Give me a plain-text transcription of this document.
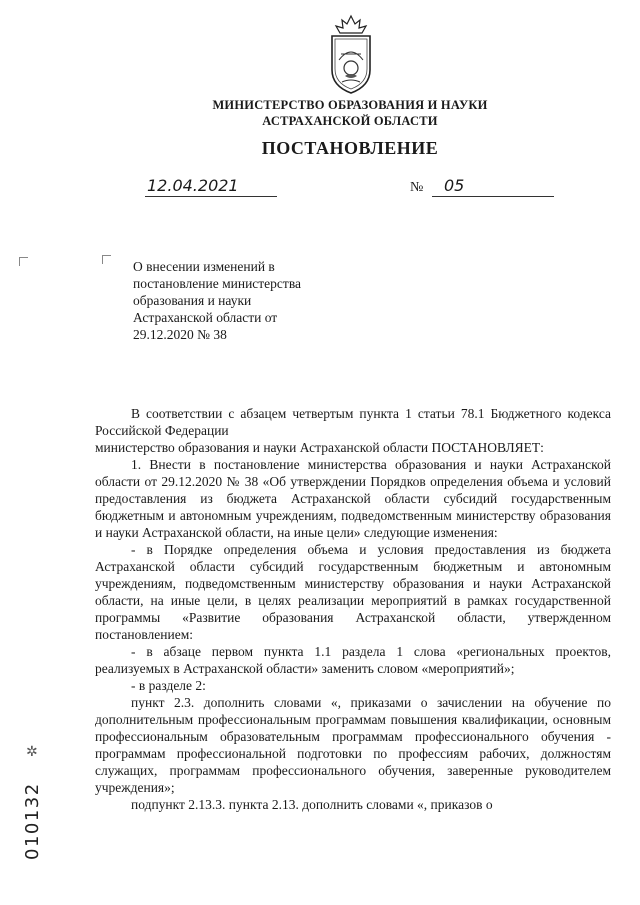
МИНИСТЕРСТВО ОБРАЗОВАНИЯ И НАУКИ
АСТРАХАНСКОЙ ОБЛАСТИ
ПОСТАНОВЛЕНИЕ
12.04.2021	№	05
О внесении изменений в
постановление министерства
образования и науки
Астраханской области от
29.12.2020 № 38

В соответствии с абзацем четвертым пункта 1 статьи 78.1 Бюджетного кодекса Российской Федерации

министерство образования и науки Астраханской области ПОСТАНОВЛЯЕТ:

1. Внести в постановление министерства образования и науки Астраханской области от 29.12.2020 № 38 «Об утверждении Порядков определения объема и условий предоставления из бюджета Астраханской области субсидий государственным бюджетным и автономным учреждениям, подведомственным министерству образования и науки Астраханской области, на иные цели» следующие изменения:

- в Порядке определения объема и условия предоставления из бюджета Астраханской области субсидий государственным бюджетным и автономным учреждениям, подведомственным министерству образования и науки Астраханской области, на иные цели, в целях реализации мероприятий в рамках государственной программы «Развитие образования Астраханской области, утвержденном постановлением:

- в абзаце первом пункта 1.1 раздела 1 слова «региональных проектов, реализуемых в Астраханской области» заменить словом «мероприятий»;

- в разделе 2:

пункт 2.3. дополнить словами «, приказами о зачислении на обучение по дополнительным профессиональным программам повышения квалификации, основным профессиональным образовательным программам профессионального обучения - программам профессиональной подготовки по профессиям рабочих, должностям служащих, программам профессионального обучения, заверенные руководителем учреждения»;

подпункт 2.13.3. пункта 2.13. дополнить словами «, приказов о

✲
010132
